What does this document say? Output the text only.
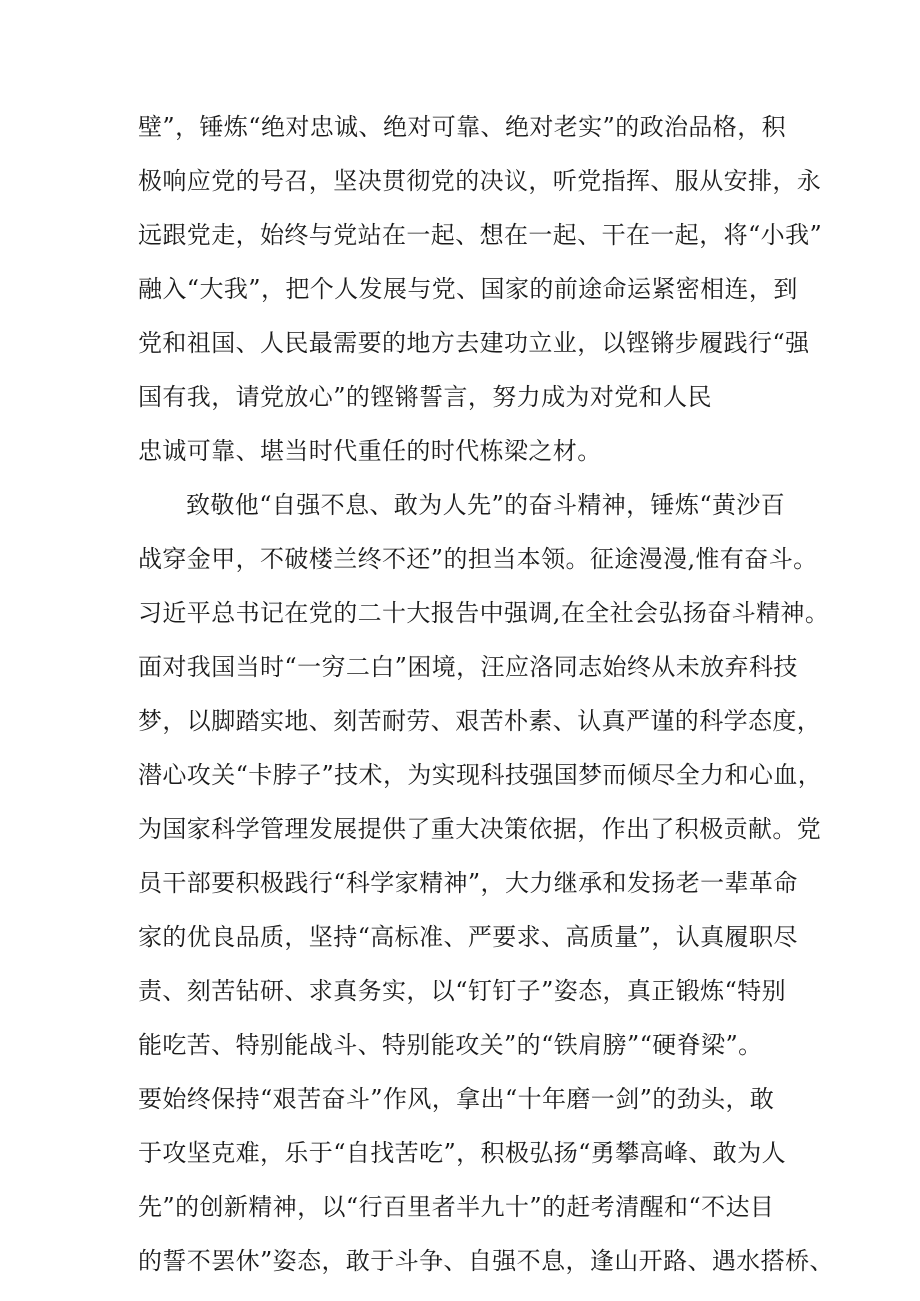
壁”，锤炼“绝对忠诚、绝对可靠、绝对老实”的政治品格，积
极响应党的号召，坚决贯彻党的决议，听党指挥、服从安排，永
远跟党走，始终与党站在一起、想在一起、干在一起，将“小我”
融入“大我”，把个人发展与党、国家的前途命运紧密相连，到
党和祖国、人民最需要的地方去建功立业，以铿锵步履践行“强
国有我，请党放心”的铿锵誓言，努力成为对党和人民
忠诚可靠、堪当时代重任的时代栋梁之材。
致敬他“自强不息、敢为人先”的奋斗精神，锤炼“黄沙百
战穿金甲，不破楼兰终不还”的担当本领。征途漫漫,惟有奋斗。
习近平总书记在党的二十大报告中强调,在全社会弘扬奋斗精神。
面对我国当时“一穷二白”困境，汪应洛同志始终从未放弃科技
梦，以脚踏实地、刻苦耐劳、艰苦朴素、认真严谨的科学态度，
潜心攻关“卡脖子”技术，为实现科技强国梦而倾尽全力和心血，
为国家科学管理发展提供了重大决策依据，作出了积极贡献。党
员干部要积极践行“科学家精神”，大力继承和发扬老一辈革命
家的优良品质，坚持“高标准、严要求、高质量”，认真履职尽
责、刻苦钻研、求真务实，以“钉钉子”姿态，真正锻炼“特别
能吃苦、特别能战斗、特别能攻关”的“铁肩膀”“硬脊梁”。
要始终保持“艰苦奋斗”作风，拿出“十年磨一剑”的劲头，敢
于攻坚克难，乐于“自找苦吃”，积极弘扬“勇攀高峰、敢为人
先”的创新精神，以“行百里者半九十”的赶考清醒和“不达目
的誓不罢休”姿态，敢于斗争、自强不息，逢山开路、遇水搭桥、
